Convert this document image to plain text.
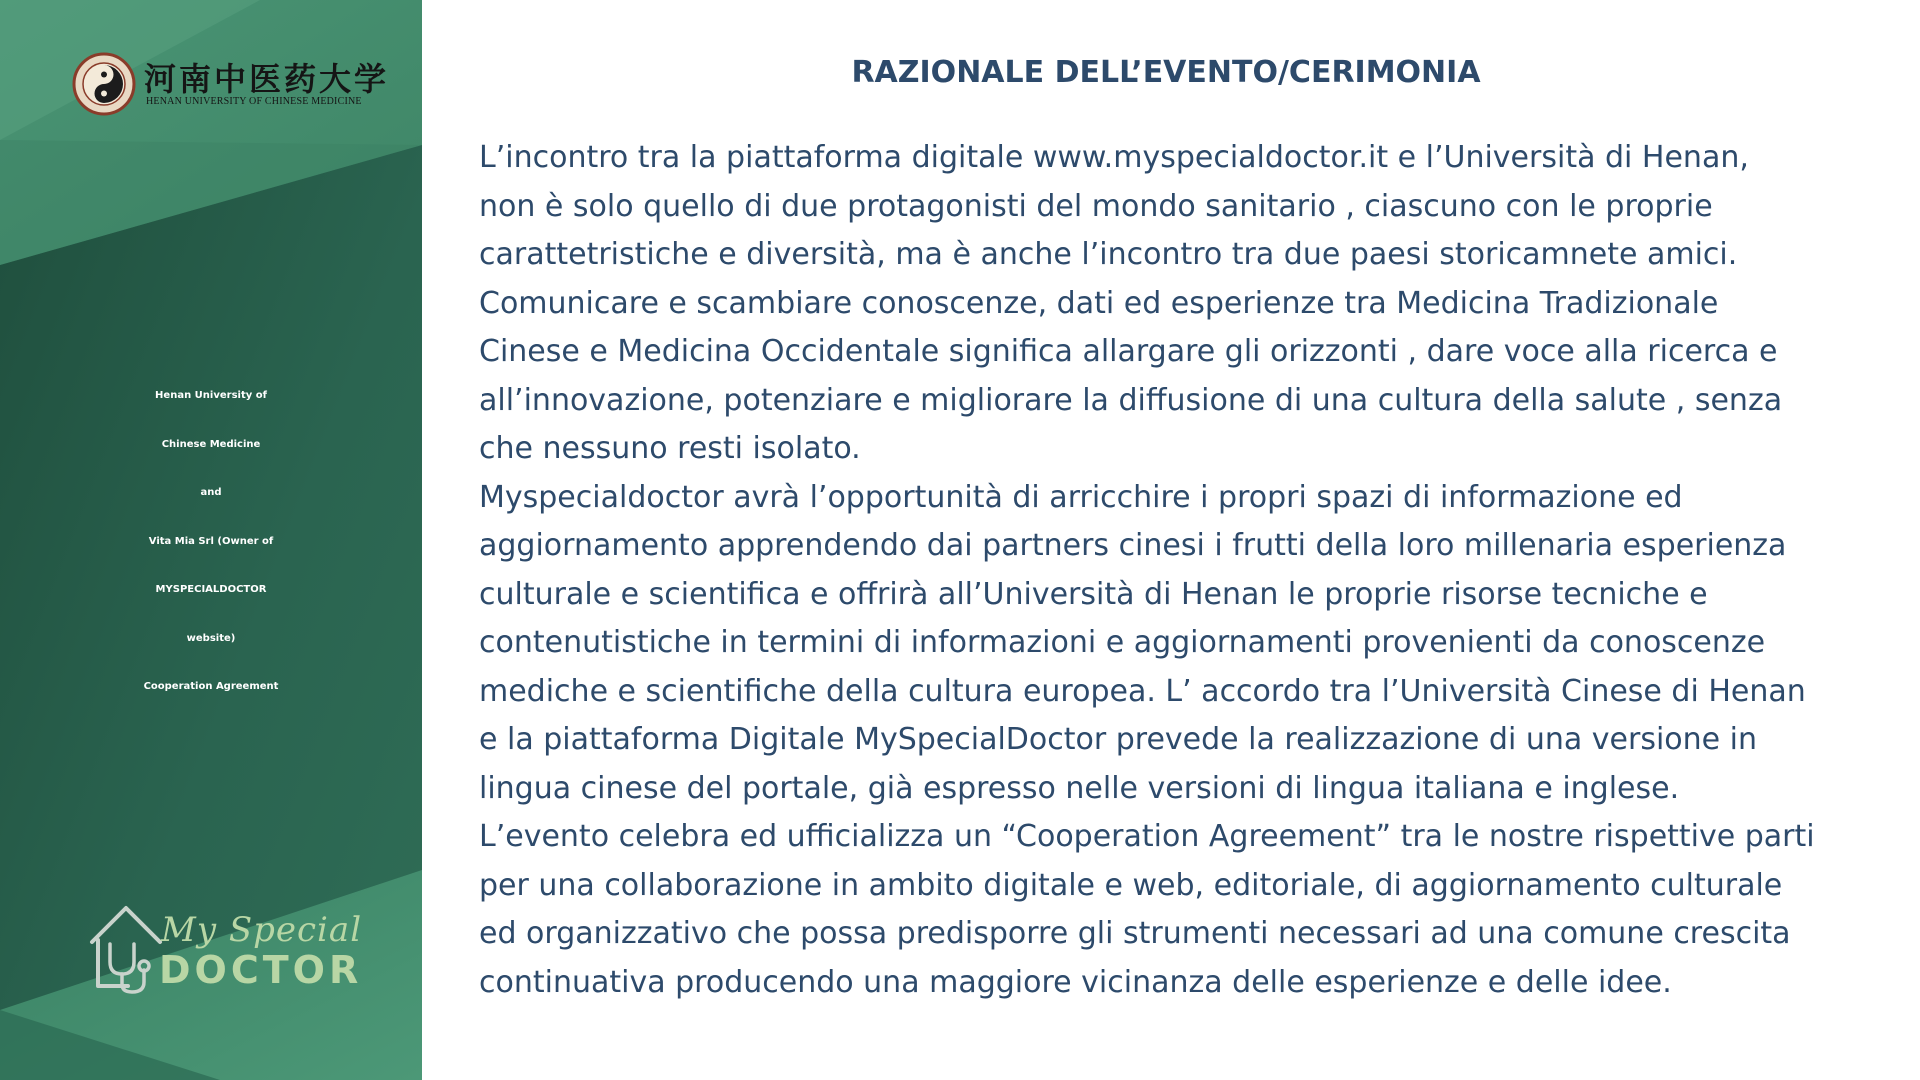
河南中医药大学
HENAN UNIVERSITY OF CHINESE MEDICINE
Henan University of
Chinese Medicine
and
Vita Mia Srl (Owner of
MYSPECIALDOCTOR
website)
Cooperation Agreement
My Special
DOCTOR
RAZIONALE DELL’EVENTO/CERIMONIA
L’incontro tra la piattaforma digitale www.myspecialdoctor.it e l’Università di Henan,
non è solo quello di due protagonisti del mondo sanitario , ciascuno con le proprie
carattetristiche e diversità, ma è anche l’incontro tra due paesi storicamnete amici.
Comunicare e scambiare conoscenze, dati ed esperienze tra Medicina Tradizionale
Cinese e Medicina Occidentale significa allargare gli orizzonti , dare voce alla ricerca e
all’innovazione, potenziare e migliorare la diffusione di una cultura della salute , senza
che nessuno resti isolato.
Myspecialdoctor avrà l’opportunità di arricchire i propri spazi di informazione ed
aggiornamento apprendendo dai partners cinesi i frutti della loro millenaria esperienza
culturale e scientifica e offrirà all’Università di Henan le proprie risorse tecniche e
contenutistiche in termini di informazioni e aggiornamenti provenienti da conoscenze
mediche e scientifiche della cultura europea. L’ accordo tra l’Università Cinese di Henan
e la piattaforma Digitale MySpecialDoctor prevede la realizzazione di una versione in
lingua cinese del portale, già espresso nelle versioni di lingua italiana e inglese.
L’evento celebra ed ufficializza un “Cooperation Agreement” tra le nostre rispettive parti
per una collaborazione in ambito digitale e web, editoriale, di aggiornamento culturale
ed organizzativo che possa predisporre gli strumenti necessari ad una comune crescita
continuativa producendo una maggiore vicinanza delle esperienze e delle idee.
